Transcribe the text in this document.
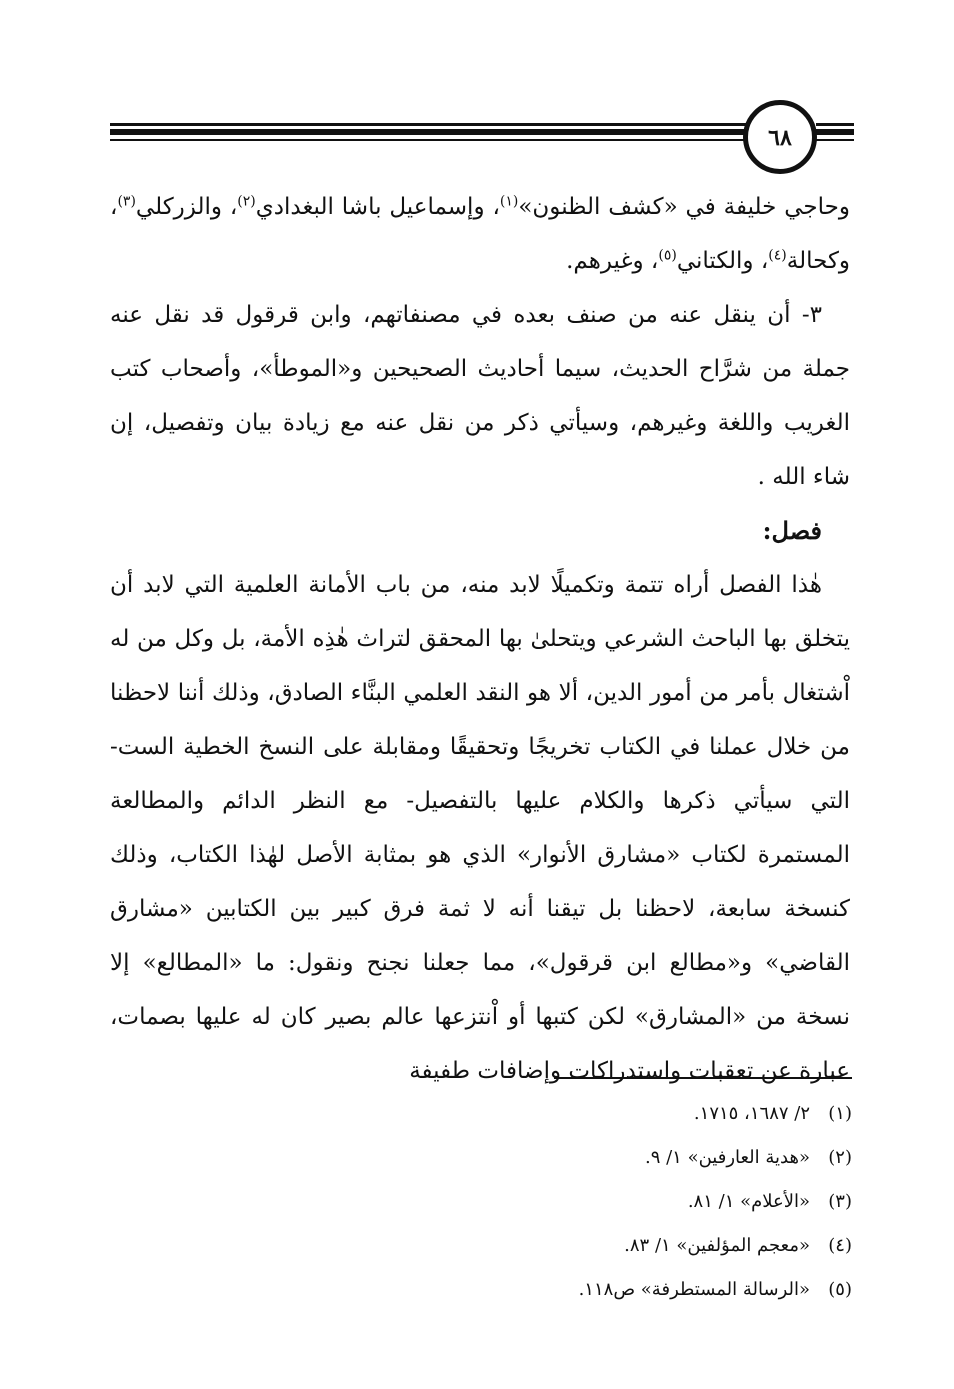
٦٨

وحاجي خليفة في «كشف الظنون»$^{(١)}$، وإسماعيل باشا البغدادي$^{(٢)}$، والزركلي$^{(٣)}$، وكحالة$^{(٤)}$، والكتاني$^{(٥)}$، وغيرهم.

٣- أن ينقل عنه من صنف بعده في مصنفاتهم، وابن قرقول قد نقل عنه جملة من شرَّاح الحديث، سيما أحاديث الصحيحين و«الموطأ»، وأصحاب كتب الغريب واللغة وغيرهم، وسيأتي ذكر من نقل عنه مع زيادة بيان وتفصيل، إن شاء الله .

فصل:

هٰذا الفصل أراه تتمة وتكميلًا لابد منه، من باب الأمانة العلمية التي لابد أن يتخلق بها الباحث الشرعي ويتحلىٰ بها المحقق لتراث هٰذِه الأمة، بل وكل من له اْشتغال بأمر من أمور الدين، ألا هو النقد العلمي البنَّاء الصادق، وذلك أننا لاحظنا من خلال عملنا في الكتاب تخريجًا وتحقيقًا ومقابلة على النسخ الخطية الست- التي سيأتي ذكرها والكلام عليها بالتفصيل- مع النظر الدائم والمطالعة المستمرة لكتاب «مشارق الأنوار» الذي هو بمثابة الأصل لهٰذا الكتاب، وذلك كنسخة سابعة، لاحظنا بل تيقنا أنه لا ثمة فرق كبير بين الكتابين «مشارق القاضي» و«مطالع ابن قرقول»، مما جعلنا نجنح ونقول: ما «المطالع» إلا نسخة من «المشارق» لكن كتبها أو اْنتزعها عالم بصير كان له عليها بصمات، عبارة عن تعقبات واستدراكات وإضافات طفيفة

(١)
٢/ ١٦٨٧، ١٧١٥.
(٢)
«هدية العارفين» ١/ ٩.
(٣)
«الأعلام» ١/ ٨١.
(٤)
«معجم المؤلفين» ١/ ٨٣.
(٥)
«الرسالة المستطرفة» ص١١٨.
